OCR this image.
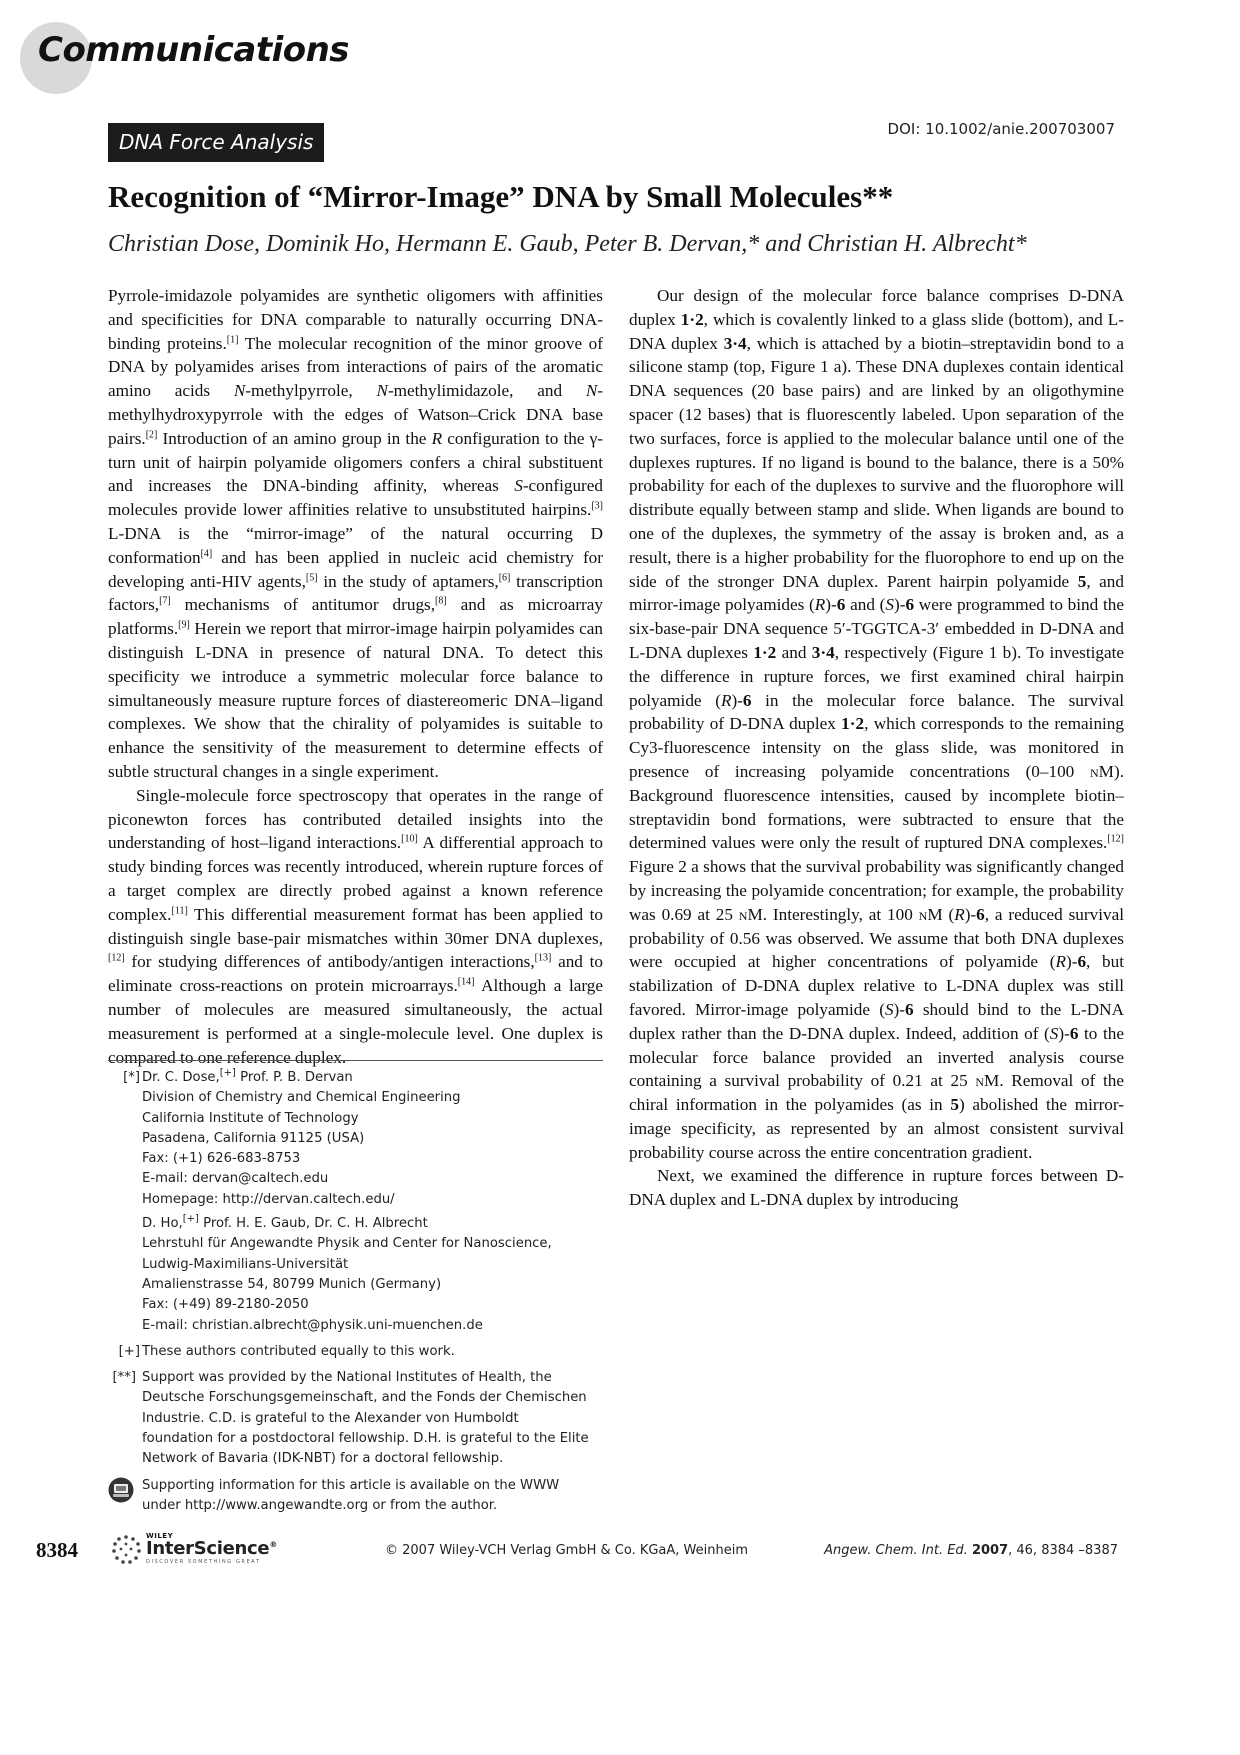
Communications
DNA Force Analysis
DOI: 10.1002/anie.200703007
Recognition of “Mirror-Image” DNA by Small Molecules**
Christian Dose, Dominik Ho, Hermann E. Gaub, Peter B. Dervan,* and Christian H. Albrecht*

Pyrrole-imidazole polyamides are synthetic oligomers with affinities and specificities for DNA comparable to naturally occurring DNA-binding proteins.[1] The molecular recognition of the minor groove of DNA by polyamides arises from interactions of pairs of the aromatic amino acids N-methylpyrrole, N-methylimidazole, and N-methylhydroxypyrrole with the edges of Watson–Crick DNA base pairs.[2] Introduction of an amino group in the R configuration to the γ-turn unit of hairpin polyamide oligomers confers a chiral substituent and increases the DNA-binding affinity, whereas S-configured molecules provide lower affinities relative to unsubstituted hairpins.[3] L-DNA is the “mirror-image” of the natural occurring D conformation[4] and has been applied in nucleic acid chemistry for developing anti-HIV agents,[5] in the study of aptamers,[6] transcription factors,[7] mechanisms of antitumor drugs,[8] and as microarray platforms.[9] Herein we report that mirror-image hairpin polyamides can distinguish L-DNA in presence of natural DNA. To detect this specificity we introduce a symmetric molecular force balance to simultaneously measure rupture forces of diastereomeric DNA–ligand complexes. We show that the chirality of polyamides is suitable to enhance the sensitivity of the measurement to determine effects of subtle structural changes in a single experiment.

Single-molecule force spectroscopy that operates in the range of piconewton forces has contributed detailed insights into the understanding of host–ligand interactions.[10] A differential approach to study binding forces was recently introduced, wherein rupture forces of a target complex are directly probed against a known reference complex.[11] This differential measurement format has been applied to distinguish single base-pair mismatches within 30mer DNA duplexes,[12] for studying differences of antibody/antigen interactions,[13] and to eliminate cross-reactions on protein microarrays.[14] Although a large number of molecules are measured simultaneously, the actual measurement is performed at a single-molecule level. One duplex is compared to one reference duplex.

[*] Dr. C. Dose,[+] Prof. P. B. Dervan
Division of Chemistry and Chemical Engineering
California Institute of Technology
Pasadena, California 91125 (USA)
Fax: (+1) 626-683-8753
E-mail: dervan@caltech.edu
Homepage: http://dervan.caltech.edu/
D. Ho,[+] Prof. H. E. Gaub, Dr. C. H. Albrecht
Lehrstuhl für Angewandte Physik and Center for Nanoscience,
Ludwig-Maximilians-Universität
Amalienstrasse 54, 80799 Munich (Germany)
Fax: (+49) 89-2180-2050
E-mail: christian.albrecht@physik.uni-muenchen.de
[+] These authors contributed equally to this work.
[**] Support was provided by the National Institutes of Health, the
Deutsche Forschungsgemeinschaft, and the Fonds der Chemischen
Industrie. C.D. is grateful to the Alexander von Humboldt
foundation for a postdoctoral fellowship. D.H. is grateful to the Elite
Network of Bavaria (IDK-NBT) for a doctoral fellowship.
Supporting information for this article is available on the WWW
under http://www.angewandte.org or from the author.

Our design of the molecular force balance comprises D-DNA duplex 1·2, which is covalently linked to a glass slide (bottom), and L-DNA duplex 3·4, which is attached by a biotin–streptavidin bond to a silicone stamp (top, Figure 1 a). These DNA duplexes contain identical DNA sequences (20 base pairs) and are linked by an oligothymine spacer (12 bases) that is fluorescently labeled. Upon separation of the two surfaces, force is applied to the molecular balance until one of the duplexes ruptures. If no ligand is bound to the balance, there is a 50% probability for each of the duplexes to survive and the fluorophore will distribute equally between stamp and slide. When ligands are bound to one of the duplexes, the symmetry of the assay is broken and, as a result, there is a higher probability for the fluorophore to end up on the side of the stronger DNA duplex. Parent hairpin polyamide 5, and mirror-image polyamides (R)-6 and (S)-6 were programmed to bind the six-base-pair DNA sequence 5′-TGGTCA-3′ embedded in D-DNA and L-DNA duplexes 1·2 and 3·4, respectively (Figure 1 b). To investigate the difference in rupture forces, we first examined chiral hairpin polyamide (R)-6 in the molecular force balance. The survival probability of D-DNA duplex 1·2, which corresponds to the remaining Cy3-fluorescence intensity on the glass slide, was monitored in presence of increasing polyamide concentrations (0–100 nM). Background fluorescence intensities, caused by incomplete biotin–streptavidin bond formations, were subtracted to ensure that the determined values were only the result of ruptured DNA complexes.[12] Figure 2 a shows that the survival probability was significantly changed by increasing the polyamide concentration; for example, the probability was 0.69 at 25 nM. Interestingly, at 100 nM (R)-6, a reduced survival probability of 0.56 was observed. We assume that both DNA duplexes were occupied at higher concentrations of polyamide (R)-6, but stabilization of D-DNA duplex relative to L-DNA duplex was still favored. Mirror-image polyamide (S)-6 should bind to the L-DNA duplex rather than the D-DNA duplex. Indeed, addition of (S)-6 to the molecular force balance provided an inverted analysis course containing a survival probability of 0.21 at 25 nM. Removal of the chiral information in the polyamides (as in 5) abolished the mirror-image specificity, as represented by an almost consistent survival probability course across the entire concentration gradient.

Next, we examined the difference in rupture forces between D-DNA duplex and L-DNA duplex by introducing

8384
WILEY
InterScience®
DISCOVER SOMETHING GREAT
© 2007 Wiley-VCH Verlag GmbH & Co. KGaA, Weinheim	Angew. Chem. Int. Ed. 2007, 46, 8384 –8387
